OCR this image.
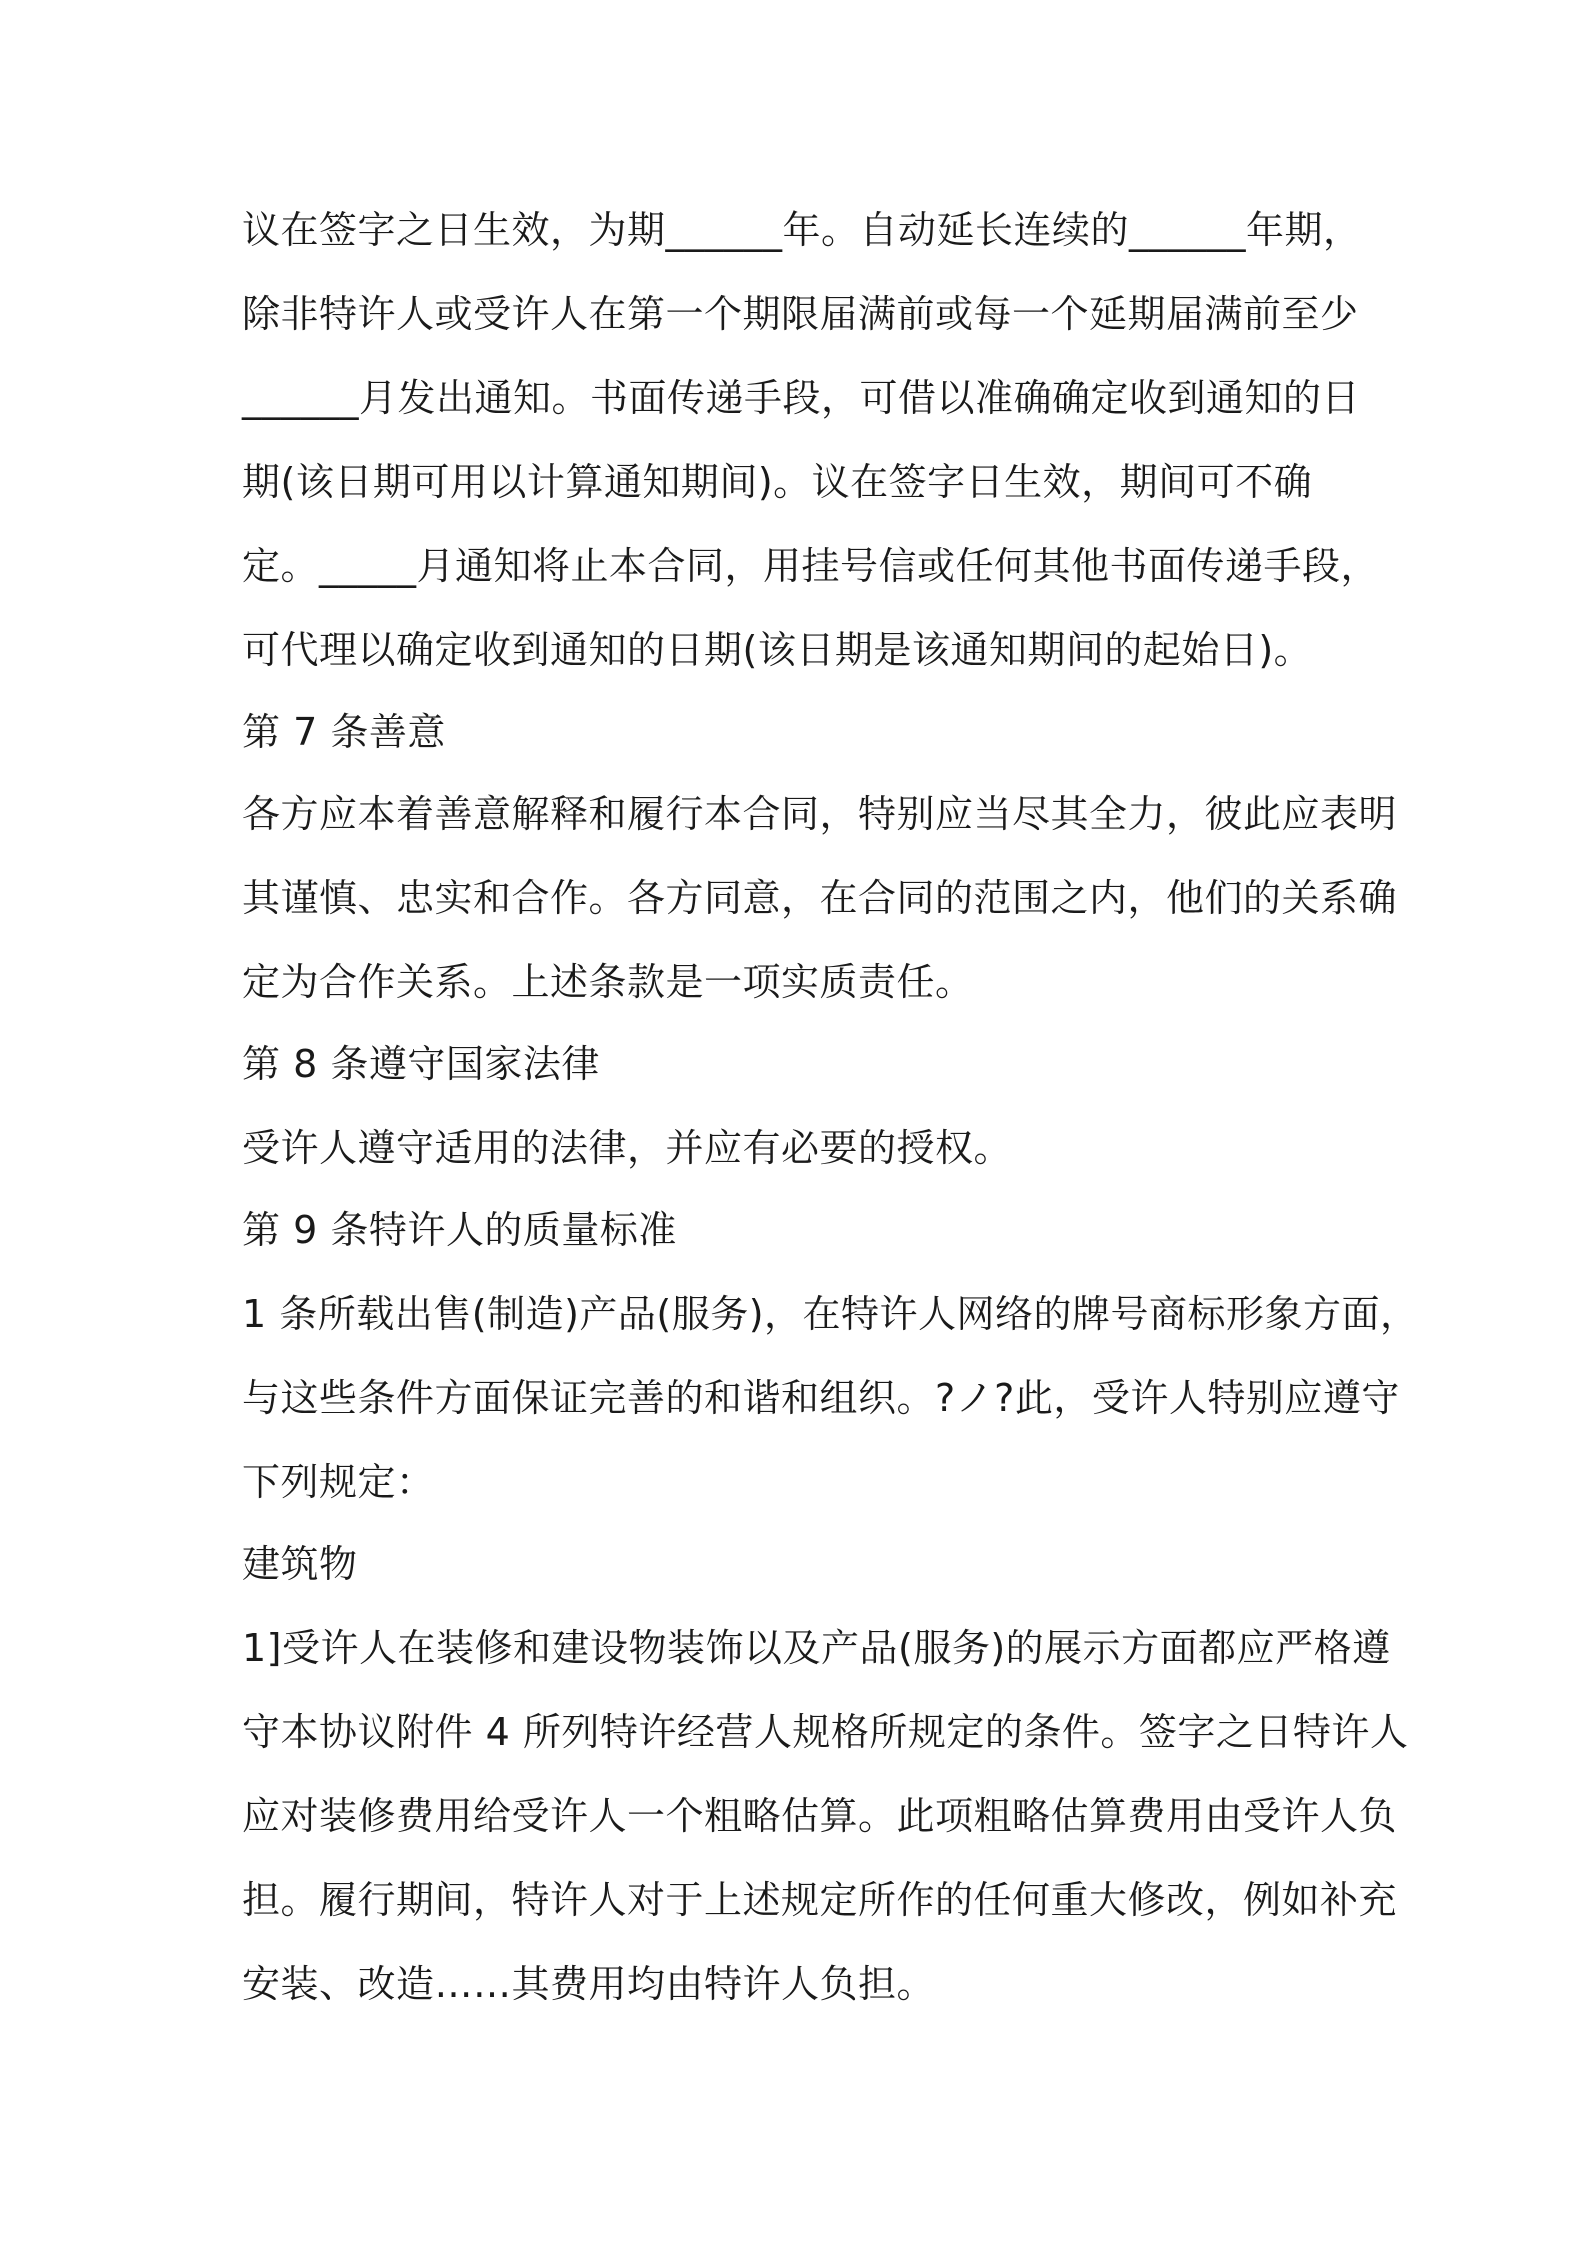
议在签字之日生效，为期______年。自动延长连续的______年期，
除非特许人或受许人在第一个期限届满前或每一个延期届满前至少
______月发出通知。书面传递手段，可借以准确确定收到通知的日
期(该日期可用以计算通知期间)。议在签字日生效，期间可不确
定。_____月通知将止本合同，用挂号信或任何其他书面传递手段，
可代理以确定收到通知的日期(该日期是该通知期间的起始日)。
第 7 条善意
各方应本着善意解释和履行本合同，特别应当尽其全力，彼此应表明
其谨慎、忠实和合作。各方同意，在合同的范围之内，他们的关系确
定为合作关系。上述条款是一项实质责任。
第 8 条遵守国家法律
受许人遵守适用的法律，并应有必要的授权。
第 9 条特许人的质量标准
1 条所载出售(制造)产品(服务)，在特许人网络的牌号商标形象方面，
与这些条件方面保证完善的和谐和组织。?ノ?此，受许人特别应遵守
下列规定：
建筑物
1]受许人在装修和建设物装饰以及产品(服务)的展示方面都应严格遵
守本协议附件 4 所列特许经营人规格所规定的条件。签字之日特许人
应对装修费用给受许人一个粗略估算。此项粗略估算费用由受许人负
担。履行期间，特许人对于上述规定所作的任何重大修改，例如补充
安装、改造……其费用均由特许人负担。
